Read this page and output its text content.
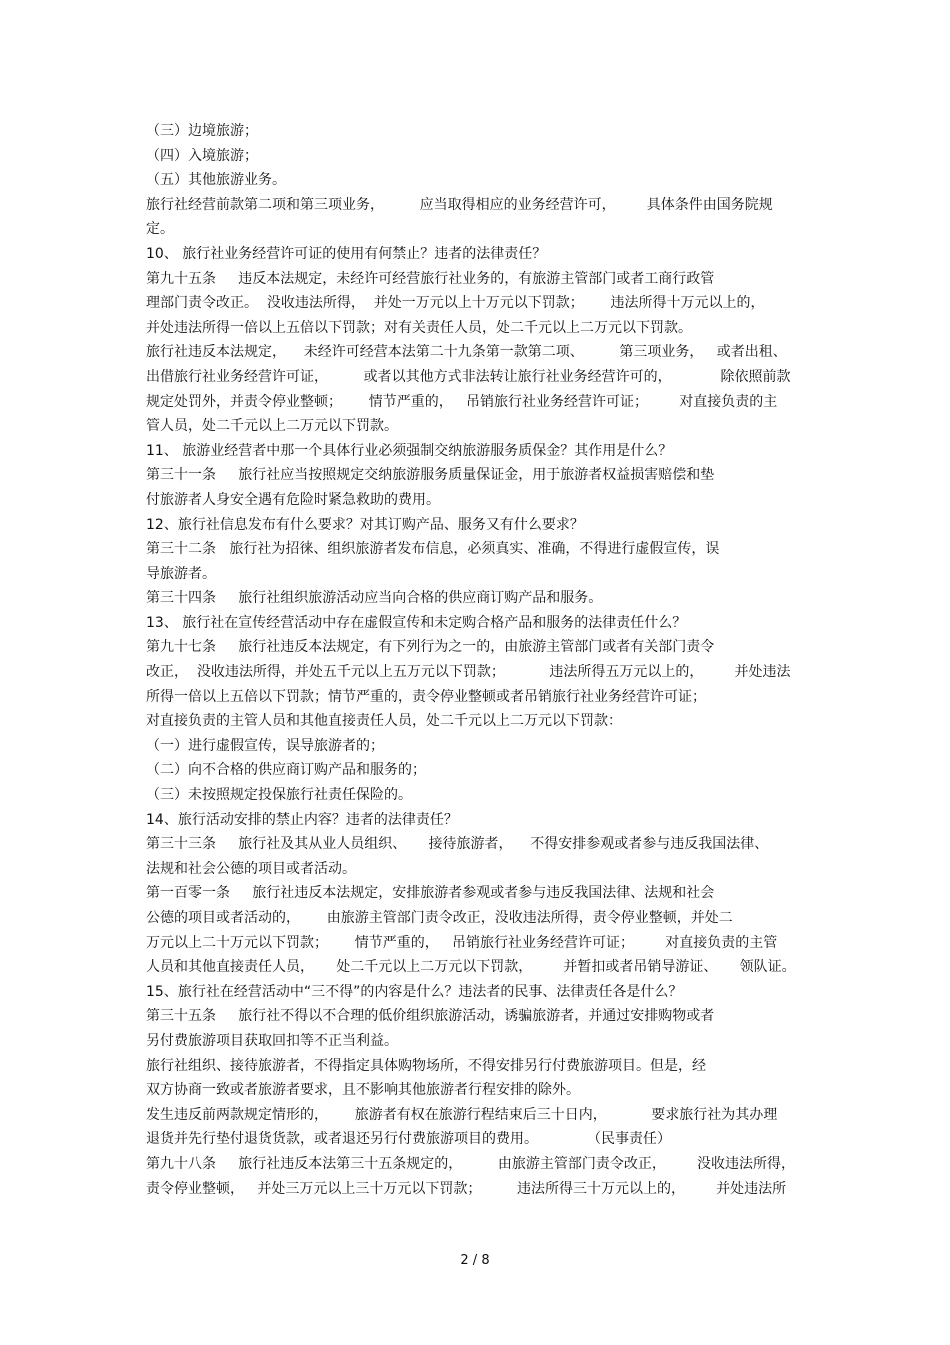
（三）边境旅游；
（四）入境旅游；
（五）其他旅游业务。
旅行社经营前款第二项和第三项业务，        应当取得相应的业务经营许可，       具体条件由国务院规
定。
10、 旅行社业务经营许可证的使用有何禁止？违者的法律责任？
第九十五条     违反本法规定，未经许可经营旅行社业务的，有旅游主管部门或者工商行政管
理部门责令改正。  没收违法所得，  并处一万元以上十万元以下罚款；      违法所得十万元以上的，
并处违法所得一倍以上五倍以下罚款；对有关责任人员，处二千元以上二万元以下罚款。
旅行社违反本法规定，    未经许可经营本法第二十九条第一款第二项、        第三项业务，   或者出租、
出借旅行社业务经营许可证，        或者以其他方式非法转让旅行社业务经营许可的，           除依照前款
规定处罚外，并责令停业整顿；      情节严重的，   吊销旅行社业务经营许可证；       对直接负责的主
管人员，处二千元以上二万元以下罚款。
11、 旅游业经营者中那一个具体行业必须强制交纳旅游服务质保金？其作用是什么？
第三十一条     旅行社应当按照规定交纳旅游服务质量保证金，用于旅游者权益损害赔偿和垫
付旅游者人身安全遇有危险时紧急救助的费用。
12、旅行社信息发布有什么要求？对其订购产品、服务又有什么要求？
第三十二条   旅行社为招徕、组织旅游者发布信息，必须真实、准确，不得进行虚假宣传，误
导旅游者。
第三十四条     旅行社组织旅游活动应当向合格的供应商订购产品和服务。
13、 旅行社在宣传经营活动中存在虚假宣传和未定购合格产品和服务的法律责任什么？
第九十七条     旅行社违反本法规定，有下列行为之一的，由旅游主管部门或者有关部门责令
改正，  没收违法所得，并处五千元以上五万元以下罚款；          违法所得五万元以上的，       并处违法
所得一倍以上五倍以下罚款；情节严重的，责令停业整顿或者吊销旅行社业务经营许可证；
对直接负责的主管人员和其他直接责任人员，处二千元以上二万元以下罚款：
（一）进行虚假宣传，误导旅游者的；
（二）向不合格的供应商订购产品和服务的；
（三）未按照规定投保旅行社责任保险的。
14、旅行活动安排的禁止内容？违者的法律责任？
第三十三条     旅行社及其从业人员组织、     接待旅游者，    不得安排参观或者参与违反我国法律、
法规和社会公德的项目或者活动。
第一百零一条     旅行社违反本法规定，安排旅游者参观或者参与违反我国法律、法规和社会
公德的项目或者活动的，      由旅游主管部门责令改正，没收违法所得，责令停业整顿，并处二
万元以上二十万元以下罚款；      情节严重的，   吊销旅行社业务经营许可证；       对直接负责的主管
人员和其他直接责任人员，     处二千元以上二万元以下罚款，       并暂扣或者吊销导游证、     领队证。
15、旅行社在经营活动中“三不得”的内容是什么？违法者的民事、法律责任各是什么？
第三十五条     旅行社不得以不合理的低价组织旅游活动，诱骗旅游者，并通过安排购物或者
另付费旅游项目获取回扣等不正当利益。
旅行社组织、接待旅游者，不得指定具体购物场所，不得安排另行付费旅游项目。但是，经
双方协商一致或者旅游者要求，且不影响其他旅游者行程安排的除外。
发生违反前两款规定情形的，      旅游者有权在旅游行程结束后三十日内，          要求旅行社为其办理
退货并先行垫付退货货款，或者退还另行付费旅游项目的费用。           （民事责任）
第九十八条     旅行社违反本法第三十五条规定的，        由旅游主管部门责令改正，       没收违法所得，
责令停业整顿，   并处三万元以上三十万元以下罚款；        违法所得三十万元以上的，       并处违法所
2 / 8
